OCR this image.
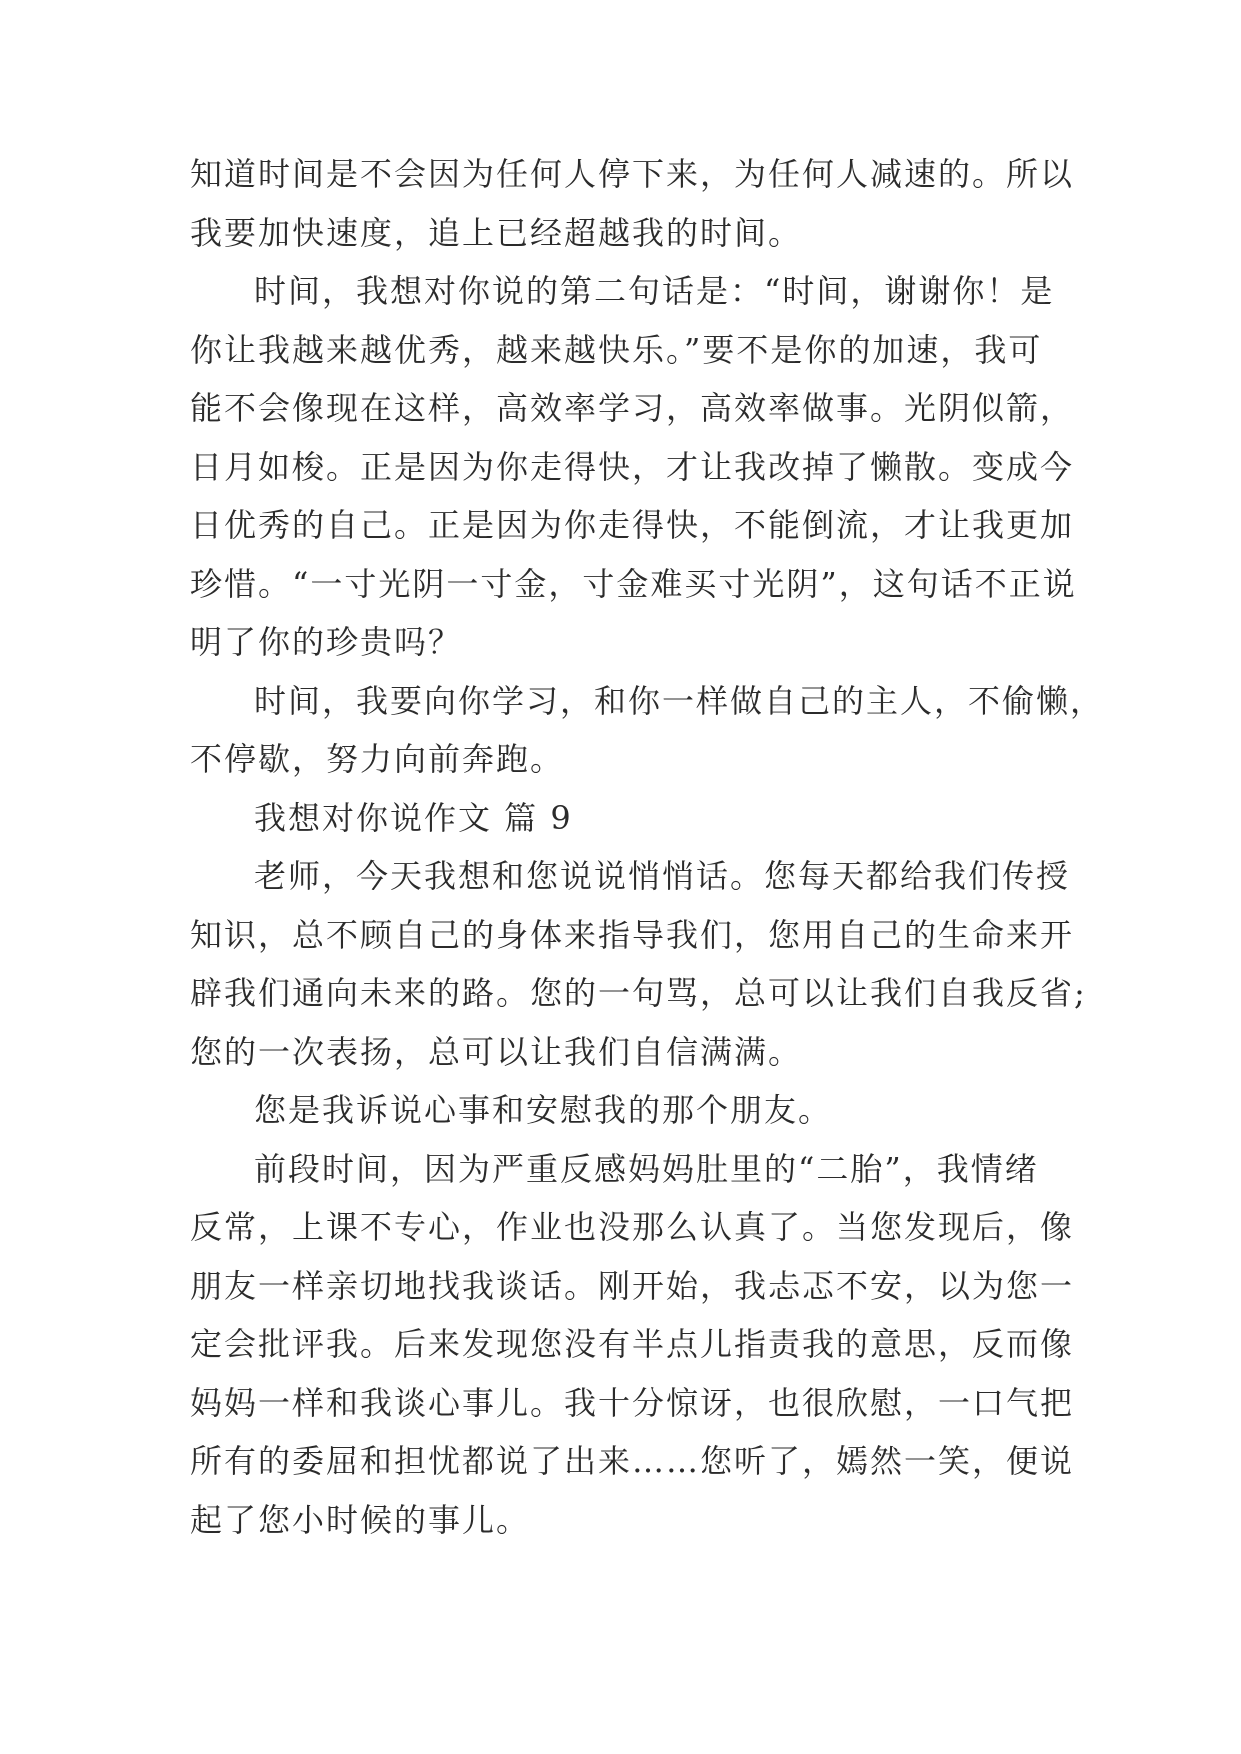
知道时间是不会因为任何人停下来，为任何人减速的。所以
我要加快速度，追上已经超越我的时间。
时间，我想对你说的第二句话是：“时间，谢谢你！是
你让我越来越优秀，越来越快乐。”要不是你的加速，我可
能不会像现在这样，高效率学习，高效率做事。光阴似箭，
日月如梭。正是因为你走得快，才让我改掉了懒散。变成今
日优秀的自己。正是因为你走得快，不能倒流，才让我更加
珍惜。“一寸光阴一寸金，寸金难买寸光阴”，这句话不正说
明了你的珍贵吗？
时间，我要向你学习，和你一样做自己的主人，不偷懒，
不停歇，努力向前奔跑。
我想对你说作文 篇 9
老师，今天我想和您说说悄悄话。您每天都给我们传授
知识，总不顾自己的身体来指导我们，您用自己的生命来开
辟我们通向未来的路。您的一句骂，总可以让我们自我反省;
您的一次表扬，总可以让我们自信满满。
您是我诉说心事和安慰我的那个朋友。
前段时间，因为严重反感妈妈肚里的“二胎”，我情绪
反常，上课不专心，作业也没那么认真了。当您发现后，像
朋友一样亲切地找我谈话。刚开始，我忐忑不安，以为您一
定会批评我。后来发现您没有半点儿指责我的意思，反而像
妈妈一样和我谈心事儿。我十分惊讶，也很欣慰，一口气把
所有的委屈和担忧都说了出来……您听了，嫣然一笑，便说
起了您小时候的事儿。
